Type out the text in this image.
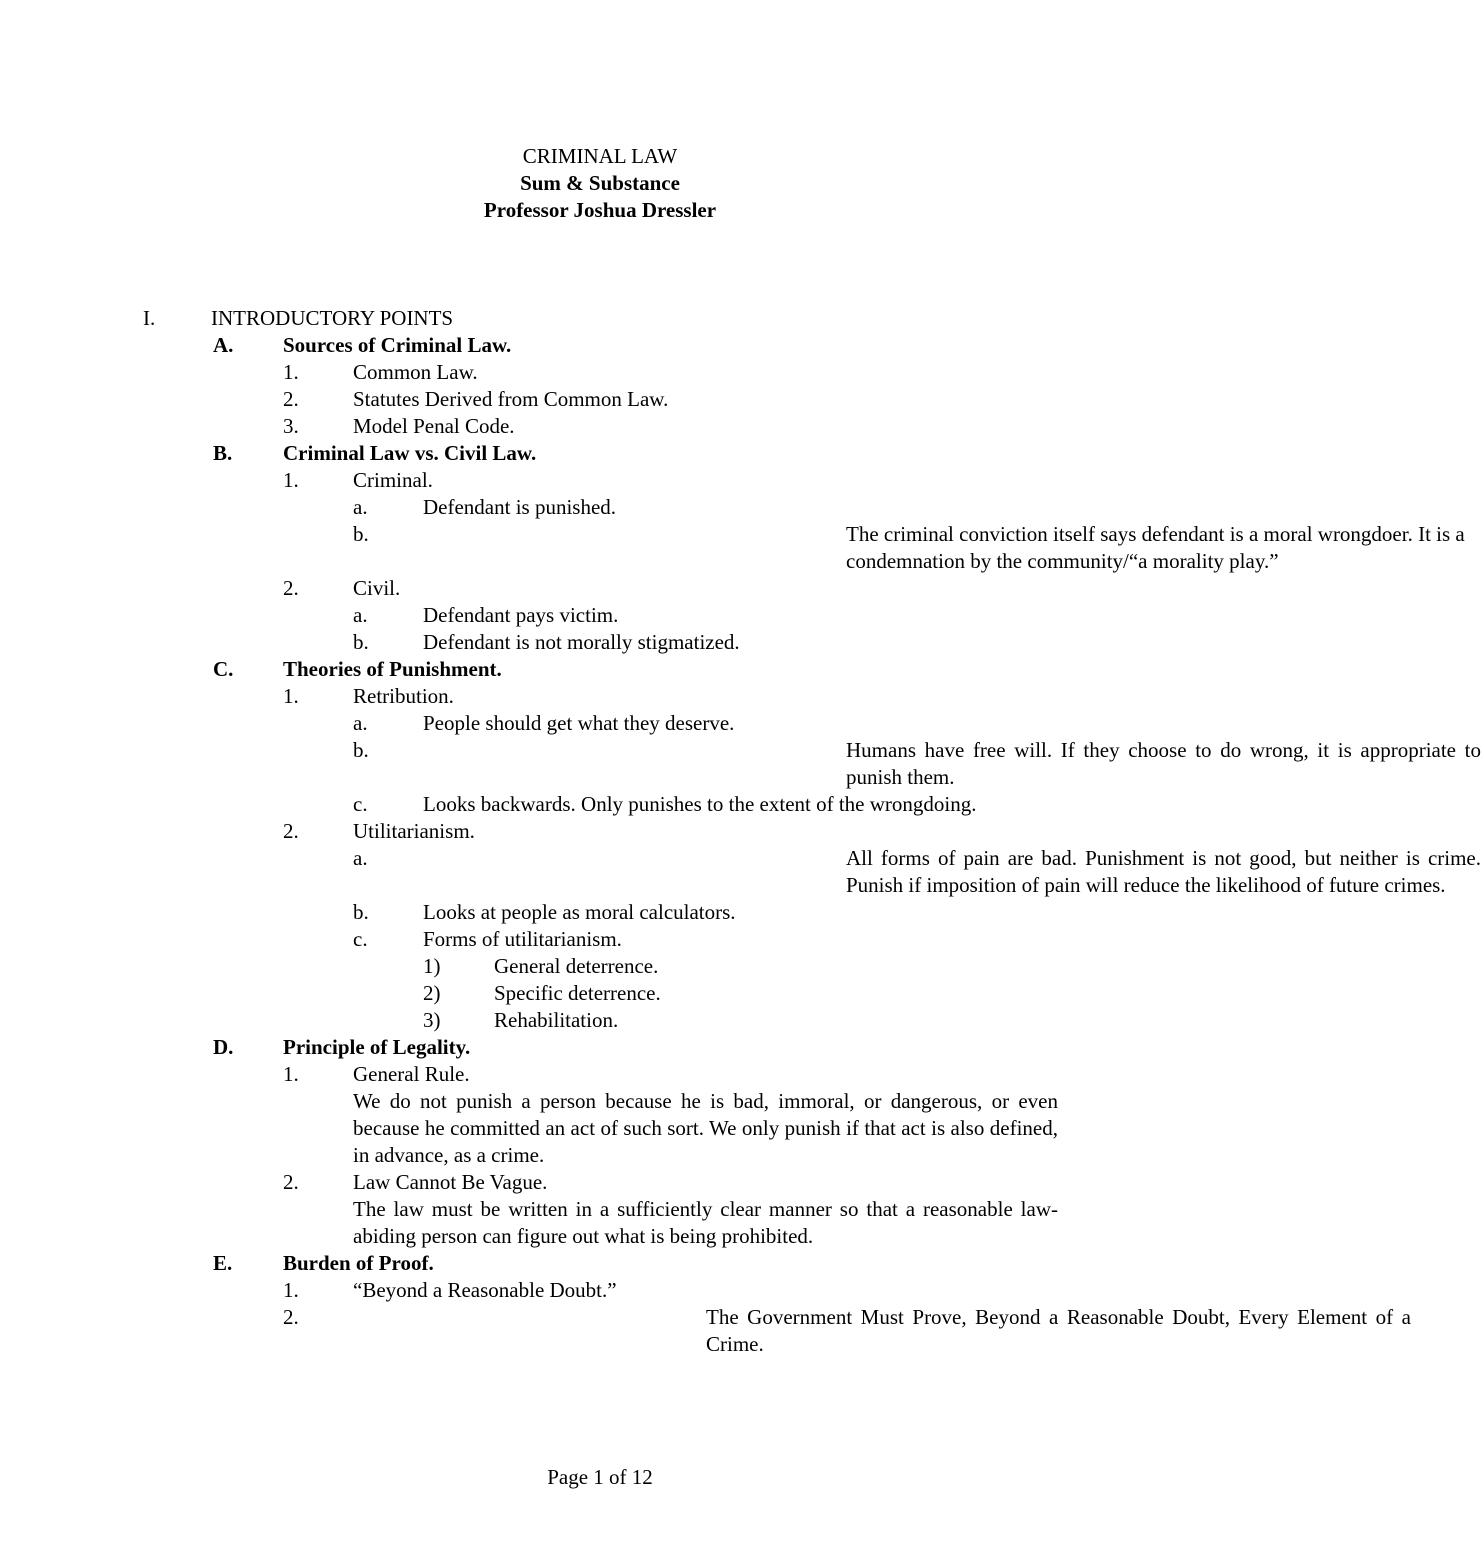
CRIMINAL LAW
Sum & Substance
Professor Joshua Dressler
I.	INTRODUCTORY POINTS
A. Sources of Criminal Law.
1.	Common Law.
2.	Statutes Derived from Common Law.
3.	Model Penal Code.
B. Criminal Law vs. Civil Law.
1.	Criminal.
a.	Defendant is punished.
b.	The criminal conviction itself says defendant is a moral wrongdoer. It is a condemnation by the community/“a morality play.”
2.	Civil.
a.	Defendant pays victim.
b.	Defendant is not morally stigmatized.
C. Theories of Punishment.
1.	Retribution.
a.	People should get what they deserve.
b.	Humans have free will. If they choose to do wrong, it is appropriate to punish them.
c.	Looks backwards. Only punishes to the extent of the wrongdoing.
2.	Utilitarianism.
a.	All forms of pain are bad. Punishment is not good, but neither is crime. Punish if imposition of pain will reduce the likelihood of future crimes.
b.	Looks at people as moral calculators.
c.	Forms of utilitarianism.
1)	General deterrence.
2)	Specific deterrence.
3)	Rehabilitation.
D. Principle of Legality.
1.	General Rule.
We do not punish a person because he is bad, immoral, or dangerous, or even because he committed an act of such sort. We only punish if that act is also defined, in advance, as a crime.
2.	Law Cannot Be Vague.
The law must be written in a sufficiently clear manner so that a reasonable law-abiding person can figure out what is being prohibited.
E. Burden of Proof.
1.	“Beyond a Reasonable Doubt.”
2.	The Government Must Prove, Beyond a Reasonable Doubt, Every Element of a Crime.
Page 1 of 12
